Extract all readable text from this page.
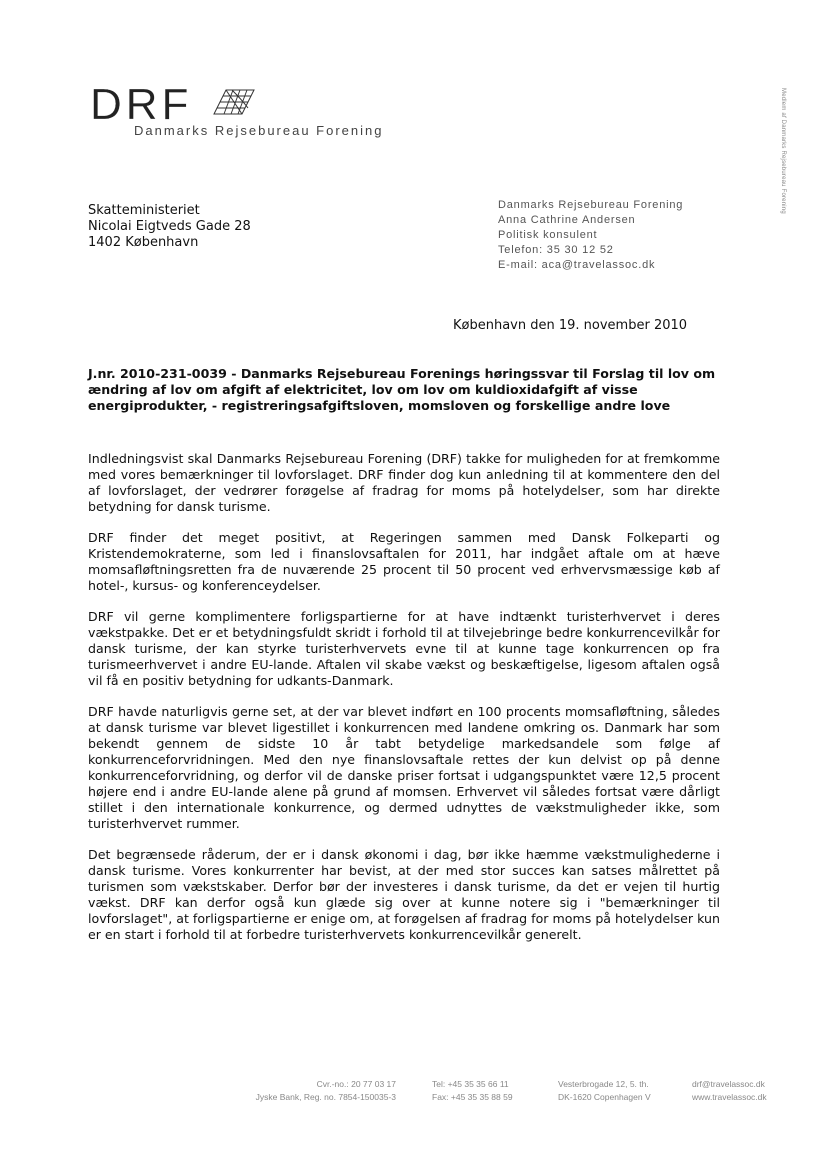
DRF
Danmarks Rejsebureau Forening	Medlem af Danmarks Rejsebureau Forening
Skatteministeriet
Nicolai Eigtveds Gade 28
1402 København
Danmarks Rejsebureau Forening
Anna Cathrine Andersen
Politisk konsulent
Telefon: 35 30 12 52
E-mail: aca@travelassoc.dk
København den 19. november 2010
J.nr. 2010-231-0039 - Danmarks Rejsebureau Forenings høringssvar til Forslag til lov om ændring af lov om afgift af elektricitet, lov om lov om kuldioxidafgift af visse energiprodukter, - registreringsafgiftsloven, momsloven og forskellige andre love

Indledningsvist skal Danmarks Rejsebureau Forening (DRF) takke for muligheden for at fremkomme med vores bemærkninger til lovforslaget. DRF finder dog kun anledning til at kommentere den del af lovforslaget, der vedrører forøgelse af fradrag for moms på hotelydelser, som har direkte betydning for dansk turisme.

DRF finder det meget positivt, at Regeringen sammen med Dansk Folkeparti og Kristendemokraterne, som led i finanslovsaftalen for 2011, har indgået aftale om at hæve momsafløftningsretten fra de nuværende 25 procent til 50 procent ved erhvervsmæssige køb af hotel-, kursus- og konferenceydelser.

DRF vil gerne komplimentere forligspartierne for at have indtænkt turisterhvervet i deres vækstpakke. Det er et betydningsfuldt skridt i forhold til at tilvejebringe bedre konkurrencevilkår for dansk turisme, der kan styrke turisterhvervets evne til at kunne tage konkurrencen op fra turismeerhvervet i andre EU-lande. Aftalen vil skabe vækst og beskæftigelse, ligesom aftalen også vil få en positiv betydning for udkants-Danmark.

DRF havde naturligvis gerne set, at der var blevet indført en 100 procents momsafløftning, således at dansk turisme var blevet ligestillet i konkurrencen med landene omkring os. Danmark har som bekendt gennem de sidste 10 år tabt betydelige markedsandele som følge af konkurrenceforvridningen. Med den nye finanslovsaftale rettes der kun delvist op på denne konkurrenceforvridning, og derfor vil de danske priser fortsat i udgangspunktet være 12,5 procent højere end i andre EU-lande alene på grund af momsen. Erhvervet vil således fortsat være dårligt stillet i den internationale konkurrence, og dermed udnyttes de vækstmuligheder ikke, som turisterhvervet rummer.

Det begrænsede råderum, der er i dansk økonomi i dag, bør ikke hæmme vækstmulighederne i dansk turisme. Vores konkurrenter har bevist, at der med stor succes kan satses målrettet på turismen som vækstskaber. Derfor bør der investeres i dansk turisme, da det er vejen til hurtig vækst. DRF kan derfor også kun glæde sig over at kunne notere sig i "bemærkninger til lovforslaget", at forligspartierne er enige om, at forøgelsen af fradrag for moms på hotelydelser kun er en start i forhold til at forbedre turisterhvervets konkurrencevilkår generelt.

Cvr.-no.: 20 77 03 17
Jyske Bank, Reg. no. 7854-150035-3
Tel: +45 35 35 66 11
Fax: +45 35 35 88 59
Vesterbrogade 12, 5. th.
DK-1620 Copenhagen V
drf@travelassoc.dk
www.travelassoc.dk
